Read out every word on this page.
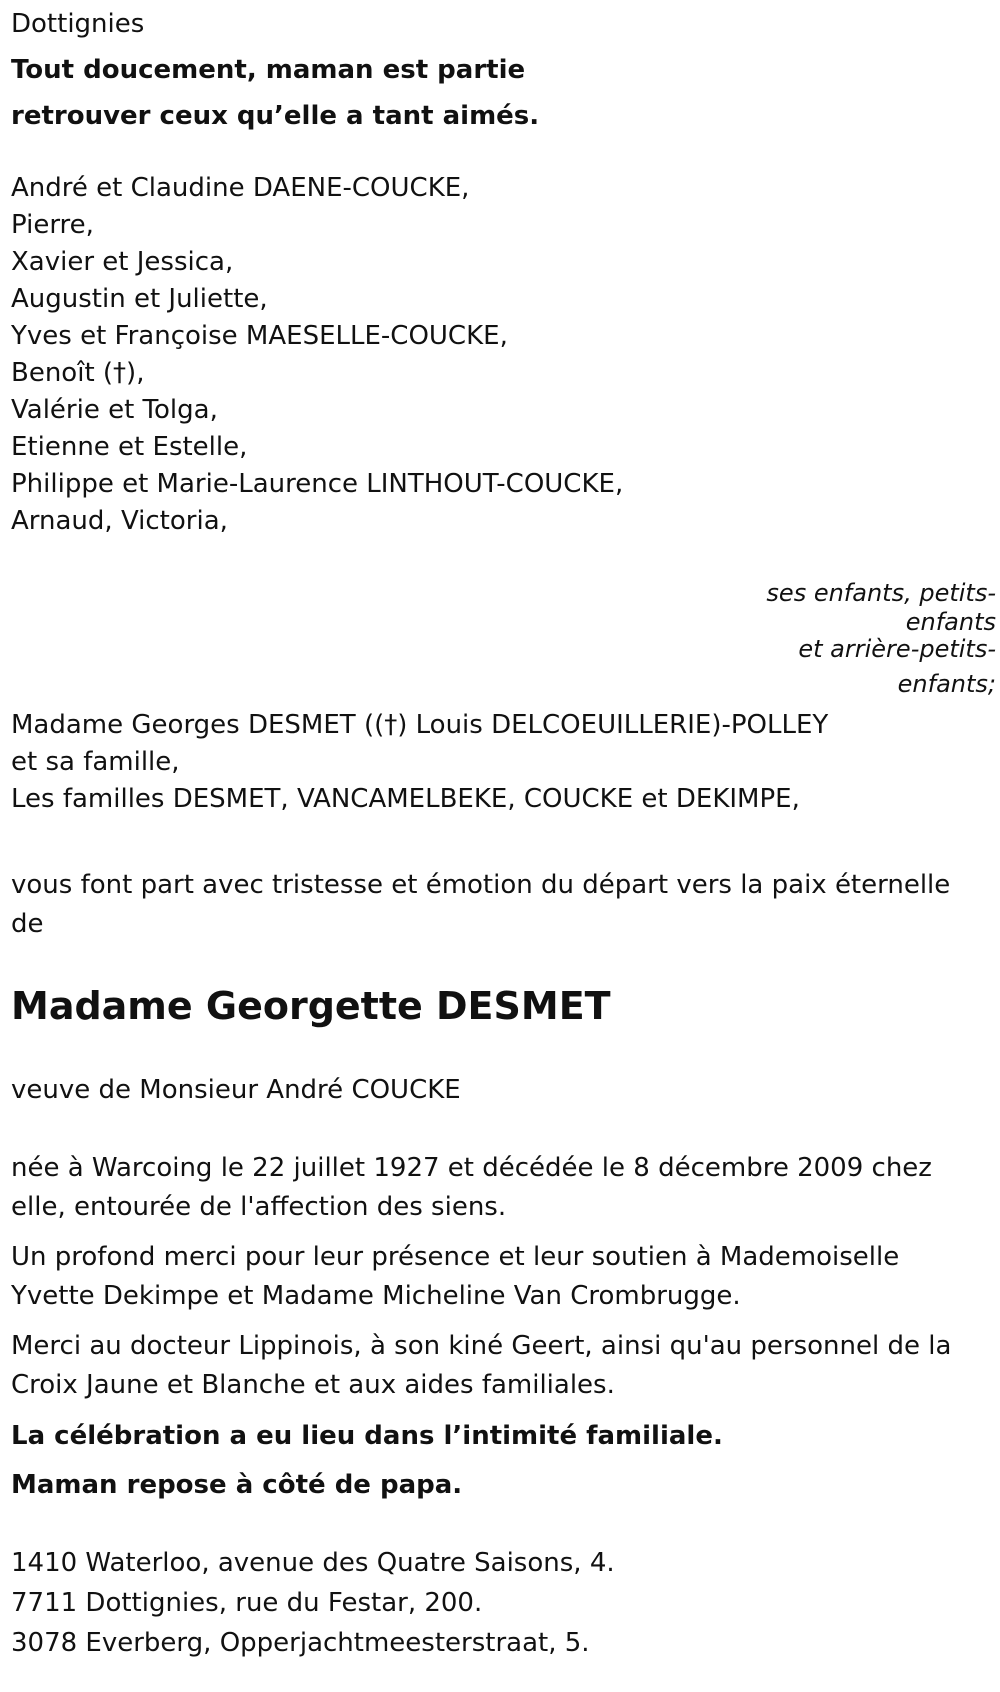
Dottignies

Tout doucement, maman est partie

retrouver ceux qu’elle a tant aimés.

André et Claudine DAENE-COUCKE,

Pierre,

Xavier et Jessica,

Augustin et Juliette,

Yves et Françoise MAESELLE-COUCKE,

Benoît (†),

Valérie et Tolga,

Etienne et Estelle,

Philippe et Marie-Laurence LINTHOUT-COUCKE,

Arnaud, Victoria,

ses enfants, petits-

enfants

et arrière-petits-

enfants;

Madame Georges DESMET ((†) Louis DELCOEUILLERIE)-POLLEY

et sa famille,

Les familles DESMET, VANCAMELBEKE, COUCKE et DEKIMPE,

vous font part avec tristesse et émotion du départ vers la paix éternelle de

Madame Georgette DESMET

veuve de Monsieur André COUCKE

née à Warcoing le 22 juillet 1927 et décédée le 8 décembre 2009 chez elle, entourée de l'affection des siens.

Un profond merci pour leur présence et leur soutien à Mademoiselle Yvette Dekimpe et Madame Micheline Van Crombrugge.

Merci au docteur Lippinois, à son kiné Geert, ainsi qu'au personnel de la Croix Jaune et Blanche et aux aides familiales.

La célébration a eu lieu dans l’intimité familiale.

Maman repose à côté de papa.

1410 Waterloo, avenue des Quatre Saisons, 4.

7711 Dottignies, rue du Festar, 200.

3078 Everberg, Opperjachtmeesterstraat, 5.
